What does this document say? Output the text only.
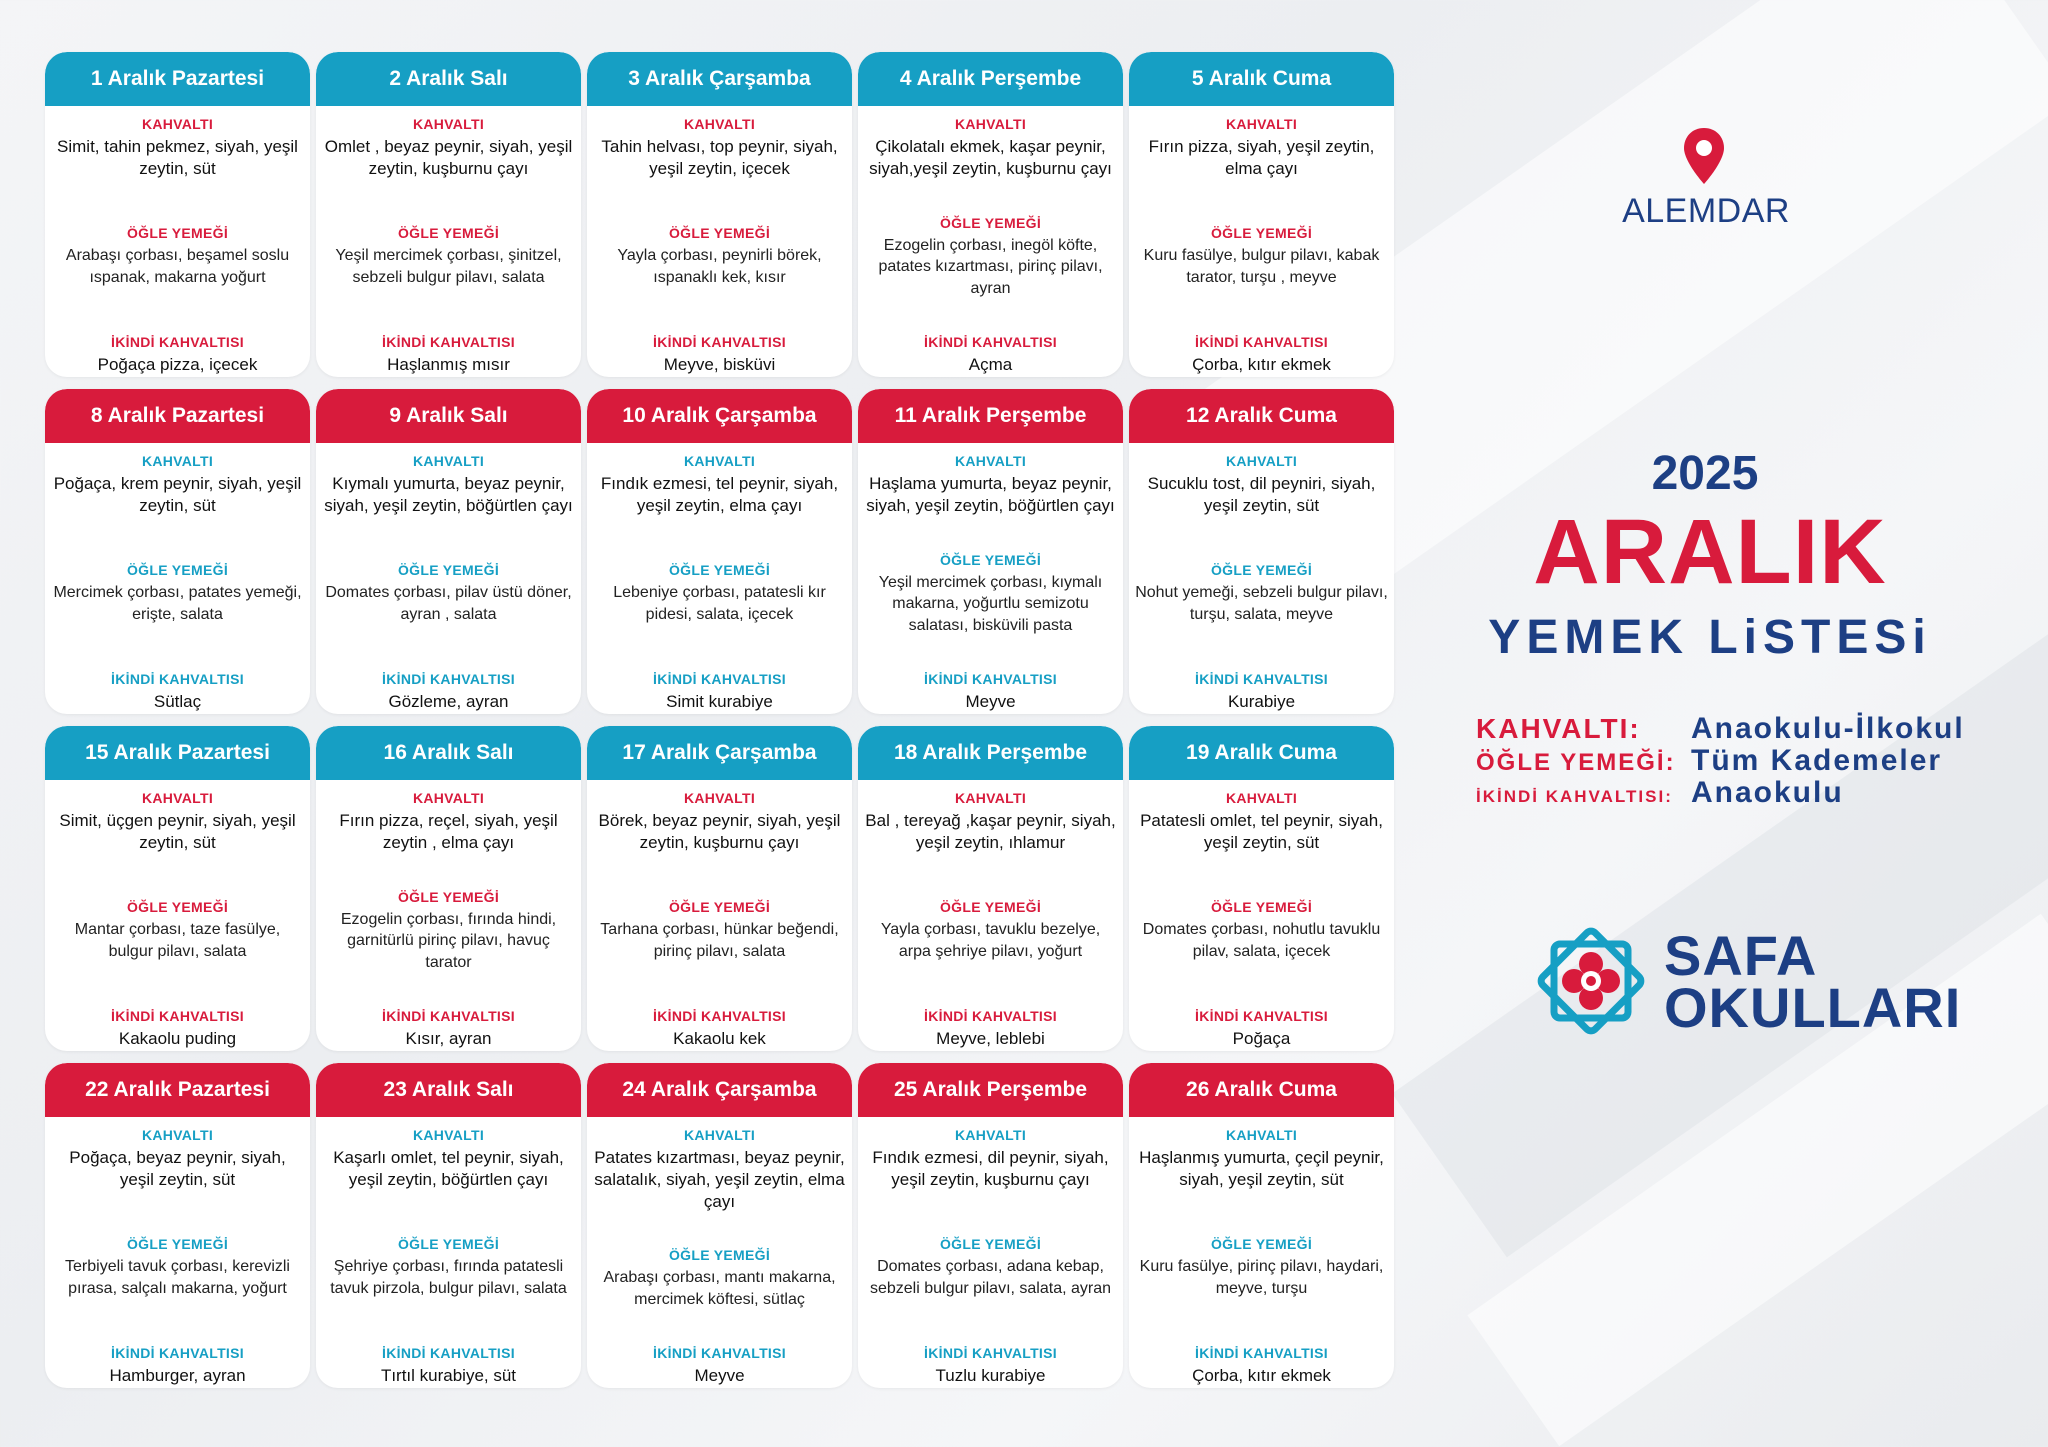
1 Aralık Pazartesi
KAHVALTI
Simit, tahin pekmez, siyah, yeşil zeytin, süt
ÖĞLE YEMEĞİ
Arabaşı çorbası, beşamel soslu ıspanak, makarna yoğurt
İKİNDİ KAHVALTISI
Poğaça pizza, içecek
2 Aralık Salı
KAHVALTI
Omlet , beyaz peynir, siyah, yeşil zeytin, kuşburnu çayı
ÖĞLE YEMEĞİ
Yeşil mercimek çorbası, şinitzel, sebzeli bulgur pilavı, salata
İKİNDİ KAHVALTISI
Haşlanmış mısır
3 Aralık Çarşamba
KAHVALTI
Tahin helvası, top peynir, siyah, yeşil zeytin, içecek
ÖĞLE YEMEĞİ
Yayla çorbası, peynirli börek, ıspanaklı kek, kısır
İKİNDİ KAHVALTISI
Meyve, bisküvi
4 Aralık Perşembe
KAHVALTI
Çikolatalı ekmek, kaşar peynir, siyah,yeşil zeytin, kuşburnu çayı
ÖĞLE YEMEĞİ
Ezogelin çorbası, inegöl köfte, patates kızartması, pirinç pilavı, ayran
İKİNDİ KAHVALTISI
Açma
5 Aralık Cuma
KAHVALTI
Fırın pizza, siyah, yeşil zeytin, elma çayı
ÖĞLE YEMEĞİ
Kuru fasülye, bulgur pilavı, kabak tarator, turşu , meyve
İKİNDİ KAHVALTISI
Çorba, kıtır ekmek
8 Aralık Pazartesi
KAHVALTI
Poğaça, krem peynir, siyah, yeşil zeytin, süt
ÖĞLE YEMEĞİ
Mercimek çorbası, patates yemeği, erişte, salata
İKİNDİ KAHVALTISI
Sütlaç
9 Aralık Salı
KAHVALTI
Kıymalı yumurta, beyaz peynir, siyah, yeşil zeytin, böğürtlen çayı
ÖĞLE YEMEĞİ
Domates çorbası, pilav üstü döner, ayran , salata
İKİNDİ KAHVALTISI
Gözleme, ayran
10 Aralık Çarşamba
KAHVALTI
Fındık ezmesi, tel peynir, siyah, yeşil zeytin, elma çayı
ÖĞLE YEMEĞİ
Lebeniye çorbası, patatesli kır pidesi, salata, içecek
İKİNDİ KAHVALTISI
Simit kurabiye
11 Aralık Perşembe
KAHVALTI
Haşlama yumurta, beyaz peynir, siyah, yeşil zeytin, böğürtlen çayı
ÖĞLE YEMEĞİ
Yeşil mercimek çorbası, kıymalı makarna, yoğurtlu semizotu salatası, bisküvili pasta
İKİNDİ KAHVALTISI
Meyve
12 Aralık Cuma
KAHVALTI
Sucuklu tost, dil peyniri, siyah, yeşil zeytin, süt
ÖĞLE YEMEĞİ
Nohut yemeği, sebzeli bulgur pilavı, turşu, salata, meyve
İKİNDİ KAHVALTISI
Kurabiye
15 Aralık Pazartesi
KAHVALTI
Simit, üçgen peynir, siyah, yeşil zeytin, süt
ÖĞLE YEMEĞİ
Mantar çorbası, taze fasülye, bulgur pilavı, salata
İKİNDİ KAHVALTISI
Kakaolu puding
16 Aralık Salı
KAHVALTI
Fırın pizza, reçel, siyah, yeşil zeytin , elma çayı
ÖĞLE YEMEĞİ
Ezogelin çorbası, fırında hindi, garnitürlü pirinç pilavı, havuç tarator
İKİNDİ KAHVALTISI
Kısır, ayran
17 Aralık Çarşamba
KAHVALTI
Börek, beyaz peynir, siyah, yeşil zeytin, kuşburnu çayı
ÖĞLE YEMEĞİ
Tarhana çorbası, hünkar beğendi, pirinç pilavı, salata
İKİNDİ KAHVALTISI
Kakaolu kek
18 Aralık Perşembe
KAHVALTI
Bal , tereyağ ,kaşar peynir, siyah, yeşil zeytin, ıhlamur
ÖĞLE YEMEĞİ
Yayla çorbası, tavuklu bezelye, arpa şehriye pilavı, yoğurt
İKİNDİ KAHVALTISI
Meyve, leblebi
19 Aralık Cuma
KAHVALTI
Patatesli omlet, tel peynir, siyah, yeşil zeytin, süt
ÖĞLE YEMEĞİ
Domates çorbası, nohutlu tavuklu pilav, salata, içecek
İKİNDİ KAHVALTISI
Poğaça
22 Aralık Pazartesi
KAHVALTI
Poğaça, beyaz peynir, siyah, yeşil zeytin, süt
ÖĞLE YEMEĞİ
Terbiyeli tavuk çorbası, kerevizli pırasa, salçalı makarna, yoğurt
İKİNDİ KAHVALTISI
Hamburger, ayran
23 Aralık Salı
KAHVALTI
Kaşarlı omlet, tel peynir, siyah, yeşil zeytin, böğürtlen çayı
ÖĞLE YEMEĞİ
Şehriye çorbası, fırında patatesli tavuk pirzola, bulgur pilavı, salata
İKİNDİ KAHVALTISI
Tırtıl kurabiye, süt
24 Aralık Çarşamba
KAHVALTI
Patates kızartması, beyaz peynir, salatalık, siyah, yeşil zeytin, elma çayı
ÖĞLE YEMEĞİ
Arabaşı çorbası, mantı makarna, mercimek köftesi, sütlaç
İKİNDİ KAHVALTISI
Meyve
25 Aralık Perşembe
KAHVALTI
Fındık ezmesi, dil peynir, siyah, yeşil zeytin, kuşburnu çayı
ÖĞLE YEMEĞİ
Domates çorbası, adana kebap, sebzeli bulgur pilavı, salata, ayran
İKİNDİ KAHVALTISI
Tuzlu kurabiye
26 Aralık Cuma
KAHVALTI
Haşlanmış yumurta, çeçil peynir, siyah, yeşil zeytin, süt
ÖĞLE YEMEĞİ
Kuru fasülye, pirinç pilavı, haydari, meyve, turşu
İKİNDİ KAHVALTISI
Çorba, kıtır ekmek
ALEMDAR
2025
ARALIK
YEMEK LiSTESi
KAHVALTI:	Anaokulu-İlkokul
ÖĞLE YEMEĞİ: Tüm Kademeler
İKİNDİ KAHVALTISI: Anaokulu
SAFA
OKULLARI
